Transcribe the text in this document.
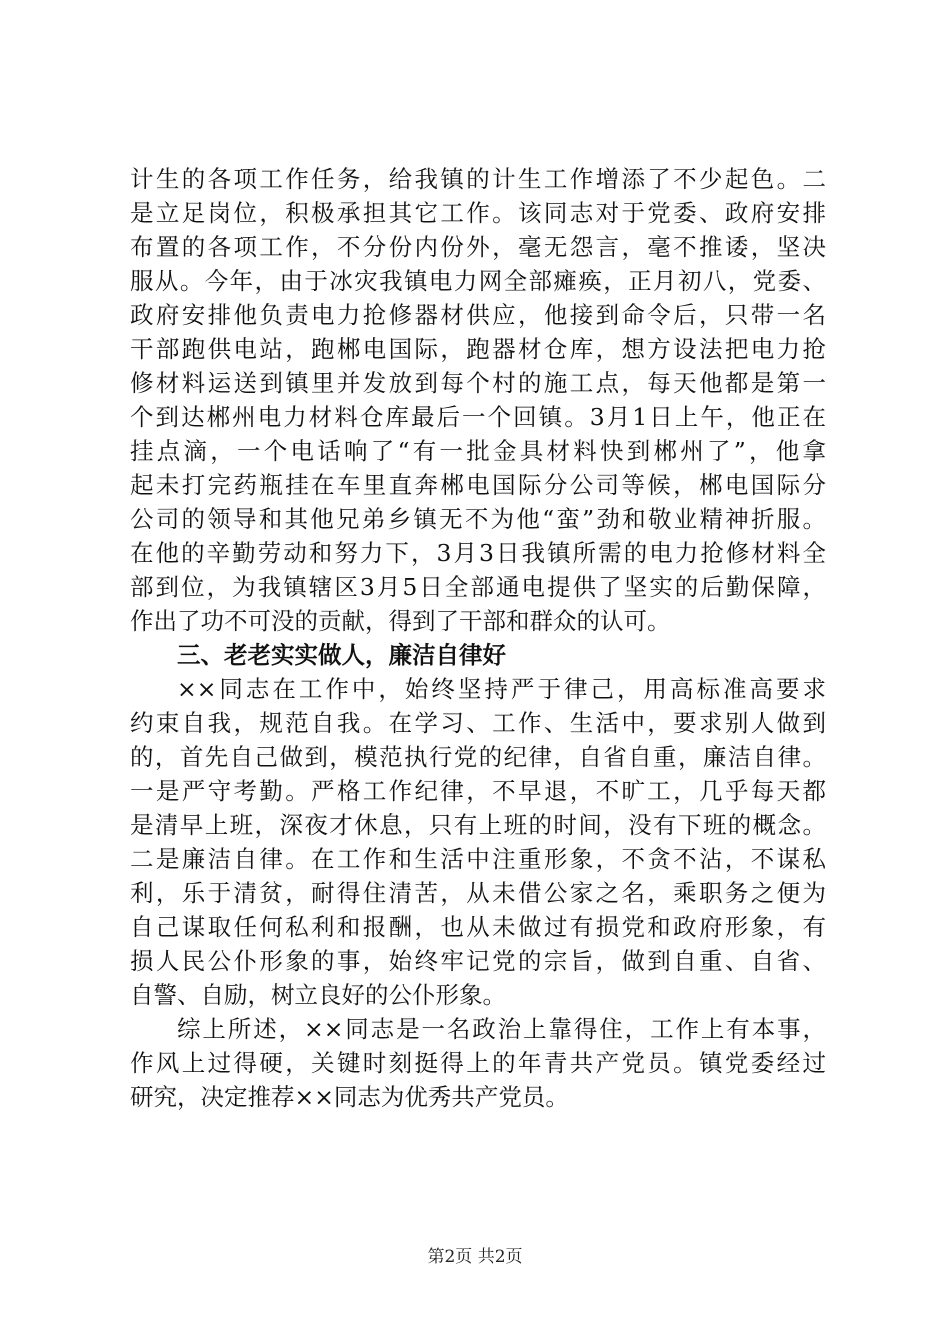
计生的各项工作任务，给我镇的计生工作增添了不少起色。二
是立足岗位，积极承担其它工作。该同志对于党委、政府安排
布置的各项工作，不分份内份外，毫无怨言，毫不推诿，坚决
服从。今年，由于冰灾我镇电力网全部瘫痪，正月初八，党委、
政府安排他负责电力抢修器材供应，他接到命令后，只带一名
干部跑供电站，跑郴电国际，跑器材仓库，想方设法把电力抢
修材料运送到镇里并发放到每个村的施工点，每天他都是第一
个到达郴州电力材料仓库最后一个回镇。3月1日上午，他正在
挂点滴，一个电话响了“有一批金具材料快到郴州了”，他拿
起未打完药瓶挂在车里直奔郴电国际分公司等候，郴电国际分
公司的领导和其他兄弟乡镇无不为他“蛮”劲和敬业精神折服。
在他的辛勤劳动和努力下，3月3日我镇所需的电力抢修材料全
部到位，为我镇辖区3月5日全部通电提供了坚实的后勤保障，
作出了功不可没的贡献，得到了干部和群众的认可。
三、老老实实做人，廉洁自律好
××同志在工作中，始终坚持严于律己，用高标准高要求
约束自我，规范自我。在学习、工作、生活中，要求别人做到
的，首先自己做到，模范执行党的纪律，自省自重，廉洁自律。
一是严守考勤。严格工作纪律，不早退，不旷工，几乎每天都
是清早上班，深夜才休息，只有上班的时间，没有下班的概念。
二是廉洁自律。在工作和生活中注重形象，不贪不沾，不谋私
利，乐于清贫，耐得住清苦，从未借公家之名，乘职务之便为
自己谋取任何私利和报酬，也从未做过有损党和政府形象，有
损人民公仆形象的事，始终牢记党的宗旨，做到自重、自省、
自警、自励，树立良好的公仆形象。
综上所述，××同志是一名政治上靠得住，工作上有本事，
作风上过得硬，关键时刻挺得上的年青共产党员。镇党委经过
研究，决定推荐××同志为优秀共产党员。
第2页 共2页
